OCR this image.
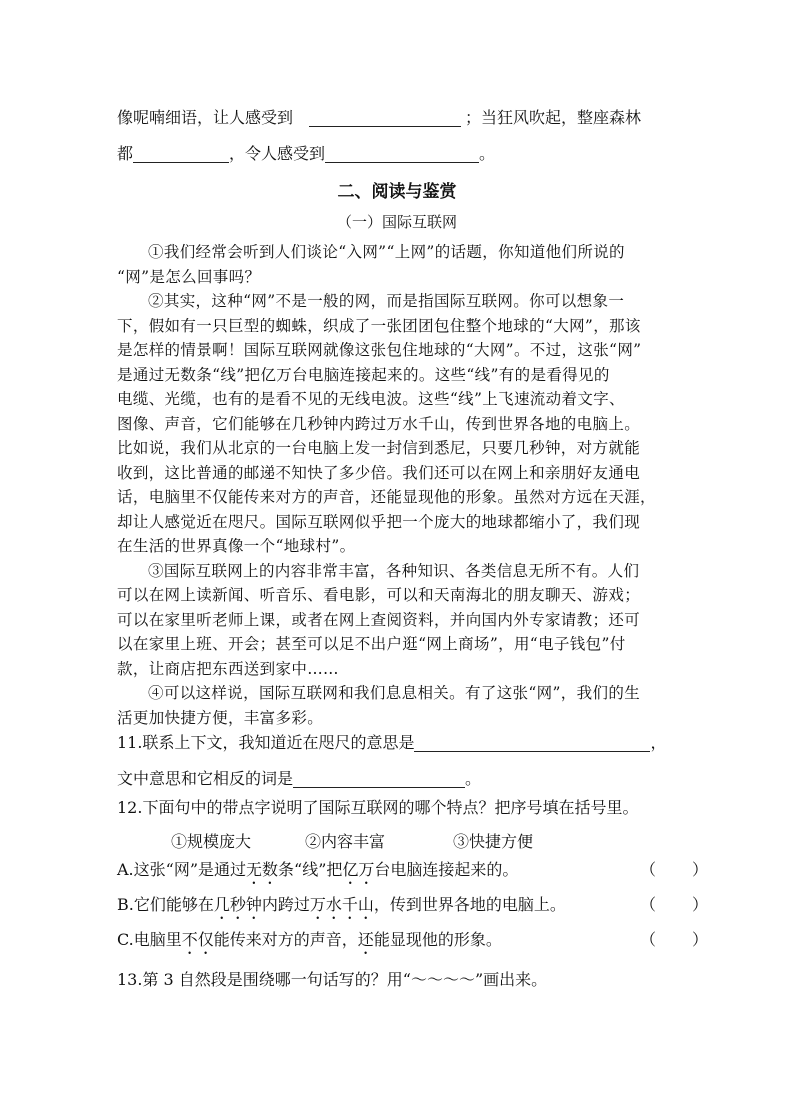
像呢喃细语，让人感受到	；当狂风吹起，整座森林
都	，令人感受到	。
二、阅读与鉴赏
（一）国际互联网
①我们经常会听到人们谈论“入网”“上网”的话题，你知道他们所说的
“网”是怎么回事吗？
②其实，这种“网”不是一般的网，而是指国际互联网。你可以想象一
下，假如有一只巨型的蜘蛛，织成了一张团团包住整个地球的“大网”，那该
是怎样的情景啊！国际互联网就像这张包住地球的“大网”。不过，这张“网”
是通过无数条“线”把亿万台电脑连接起来的。这些“线”有的是看得见的
电缆、光缆，也有的是看不见的无线电波。这些“线”上飞速流动着文字、
图像、声音，它们能够在几秒钟内跨过万水千山，传到世界各地的电脑上。
比如说，我们从北京的一台电脑上发一封信到悉尼，只要几秒钟，对方就能
收到，这比普通的邮递不知快了多少倍。我们还可以在网上和亲朋好友通电
话，电脑里不仅能传来对方的声音，还能显现他的形象。虽然对方远在天涯，
却让人感觉近在咫尺。国际互联网似乎把一个庞大的地球都缩小了，我们现
在生活的世界真像一个“地球村”。
③国际互联网上的内容非常丰富，各种知识、各类信息无所不有。人们
可以在网上读新闻、听音乐、看电影，可以和天南海北的朋友聊天、游戏；
可以在家里听老师上课，或者在网上查阅资料，并向国内外专家请教；还可
以在家里上班、开会；甚至可以足不出户逛“网上商场”，用“电子钱包”付
款，让商店把东西送到家中……
④可以这样说，国际互联网和我们息息相关。有了这张“网”，我们的生
活更加快捷方便，丰富多彩。
11.联系上下文，我知道近在咫尺的意思是	，
文中意思和它相反的词是	。
12.下面句中的带点字说明了国际互联网的哪个特点？把序号填在括号里。
①规模庞大	②内容丰富	③快捷方便
A.这张“网”是通过无数条“线”把亿万台电脑连接起来的。	（ ）
B.它们能够在几秒钟内跨过万水千山，传到世界各地的电脑上。	（ ）
C.电脑里不仅能传来对方的声音，还能显现他的形象。	（ ）
13.第 3 自然段是围绕哪一句话写的？用“～～～～”画出来。
